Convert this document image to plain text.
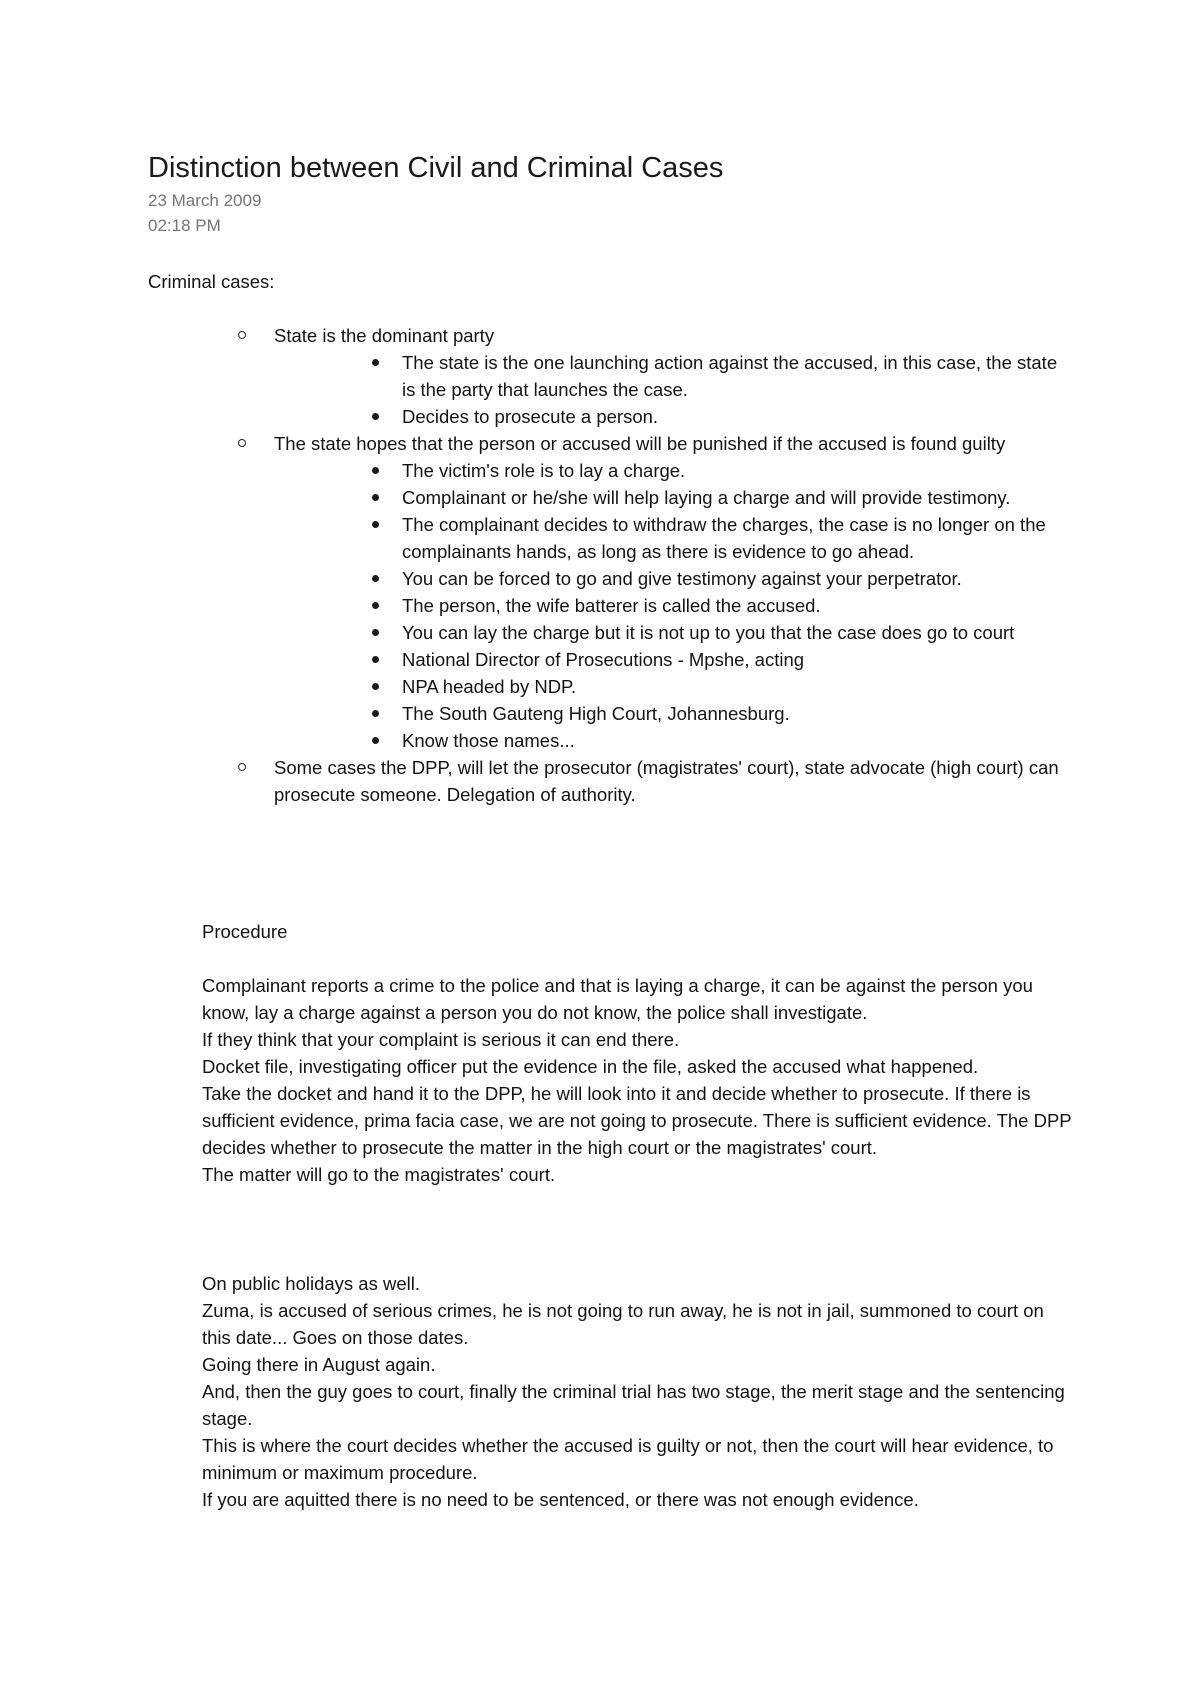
Distinction between Civil and Criminal Cases
23 March 2009
02:18 PM
Criminal cases:
State is the dominant party
The state is the one launching action against the accused, in this case, the state is the party that launches the case.
Decides to prosecute a person.
The state hopes that the person or accused will be punished if the accused is found guilty
The victim's role is to lay a charge.
Complainant or he/she will help laying a charge and will provide testimony.
The complainant decides to withdraw the charges, the case is no longer on the complainants hands, as long as there is evidence to go ahead.
You can be forced to go and give testimony against your perpetrator.
The person, the wife batterer is called the accused.
You can lay the charge but it is not up to you that the case does go to court
National Director of Prosecutions - Mpshe, acting
NPA headed by NDP.
The South Gauteng High Court, Johannesburg.
Know those names...
Some cases the DPP, will let the prosecutor (magistrates' court), state advocate (high court) can prosecute someone. Delegation of authority.
Procedure

Complainant reports a crime to the police and that is laying a charge, it can be against the person you know, lay a charge against a person you do not know, the police shall investigate.

If they think that your complaint is serious it can end there.

Docket file, investigating officer put the evidence in the file, asked the accused what happened.

Take the docket and hand it to the DPP, he will look into it and decide whether to prosecute. If there is sufficient evidence, prima facia case, we are not going to prosecute. There is sufficient evidence. The DPP decides whether to prosecute the matter in the high court or the magistrates' court.

The matter will go to the magistrates' court.

On public holidays as well.

Zuma, is accused of serious crimes, he is not going to run away, he is not in jail, summoned to court on this date... Goes on those dates.

Going there in August again.

And, then the guy goes to court, finally the criminal trial has two stage, the merit stage and the sentencing stage.

This is where the court decides whether the accused is guilty or not, then the court will hear evidence, to minimum or maximum procedure.

If you are aquitted there is no need to be sentenced, or there was not enough evidence.
